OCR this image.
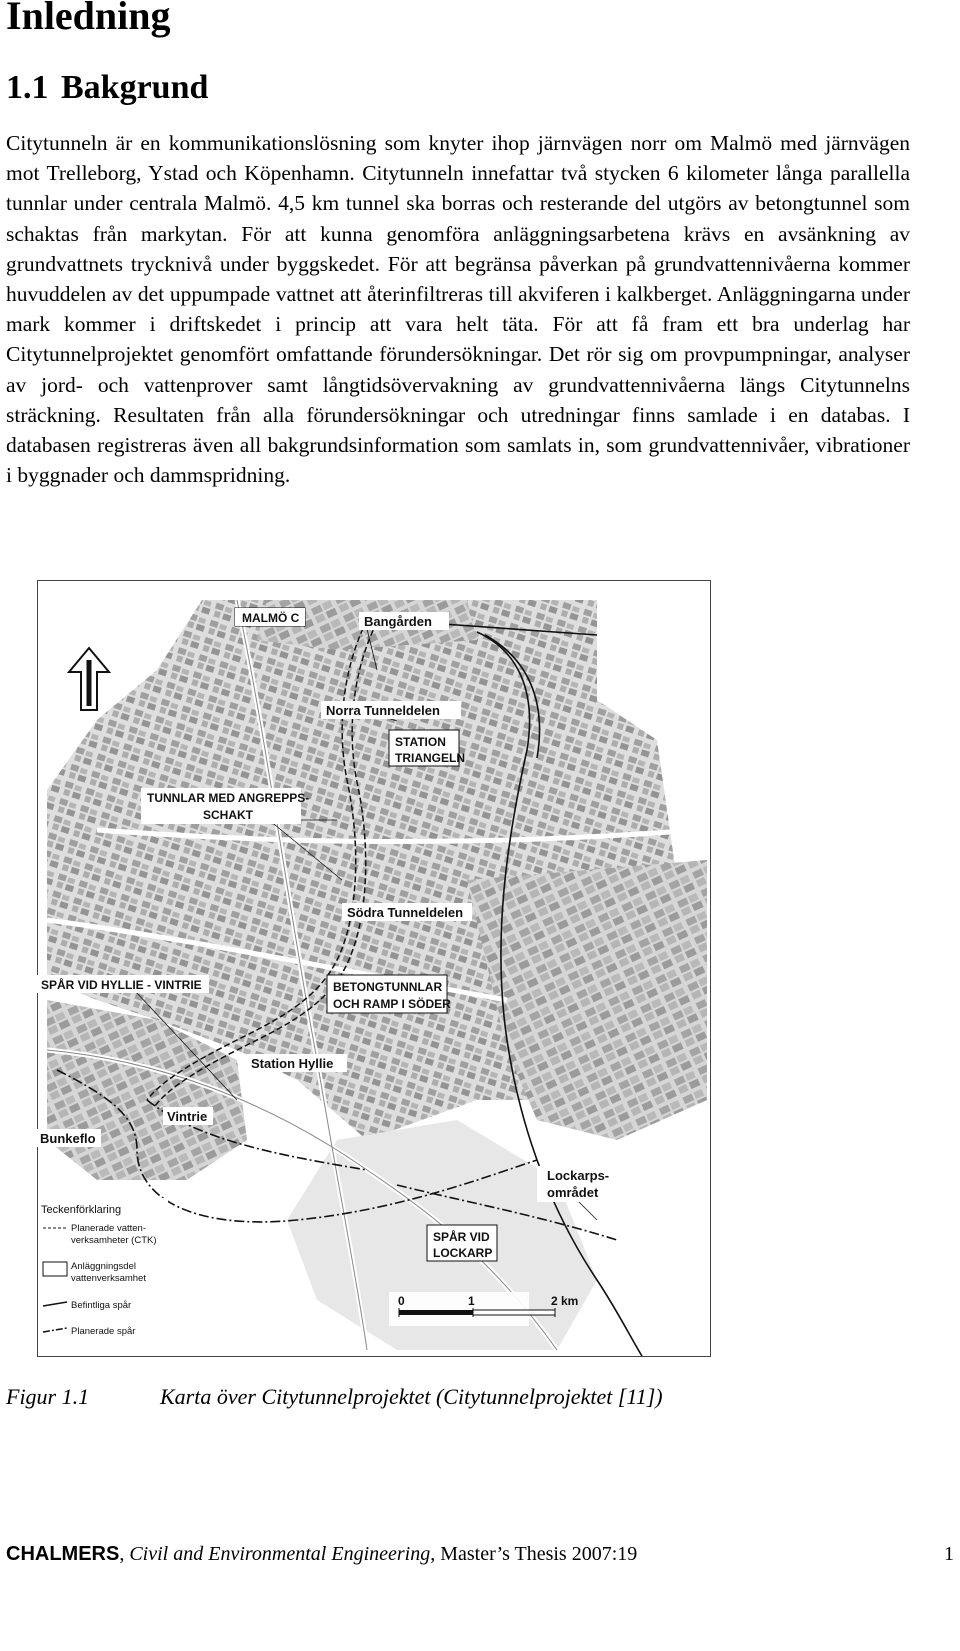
Inledning
1.1 Bakgrund

Citytunneln är en kommunikationslösning som knyter ihop järnvägen norr om Malmö med järnvägen mot Trelleborg, Ystad och Köpenhamn. Citytunneln innefattar två stycken 6 kilometer långa parallella tunnlar under centrala Malmö. 4,5 km tunnel ska borras och resterande del utgörs av betongtunnel som schaktas från markytan. För att kunna genomföra anläggningsarbetena krävs en avsänkning av grundvattnets trycknivå under byggskedet. För att begränsa påverkan på grundvattennivåerna kommer huvuddelen av det uppumpade vattnet att återinfiltreras till akviferen i kalkberget. Anläggningarna under mark kommer i driftskedet i princip att vara helt täta. För att få fram ett bra underlag har Citytunnelprojektet genomfört omfattande förundersökningar. Det rör sig om provpumpningar, analyser av jord- och vattenprover samt långtidsövervakning av grundvattennivåerna längs Citytunnelns sträckning. Resultaten från alla förundersökningar och utredningar finns samlade i en databas. I databasen registreras även all bakgrundsinformation som samlats in, som grundvattennivåer, vibrationer i byggnader och dammspridning.

MALMÖ C	Bangården
Norra Tunneldelen
STATION
TRIANGELN
TUNNLAR MED ANGREPPS-
SCHAKT
Södra Tunneldelen
SPÅR VID HYLLIE - VINTRIE	BETONGTUNNLAR
OCH RAMP I SÖDER
Station Hyllie
Vintrie
Bunkeflo
Lockarps-
området
SPÅR VID
LOCKARP
Teckenförklaring
Planerade vatten-
verksamheter (CTK)
Anläggningsdel
vattenverksamhet
Befintliga spår
Planerade spår
0	1	2 km
Figur 1.1	Karta över Citytunnelprojektet (Citytunnelprojektet [11])
CHALMERS, Civil and Environmental Engineering, Master’s Thesis 2007:19	1
